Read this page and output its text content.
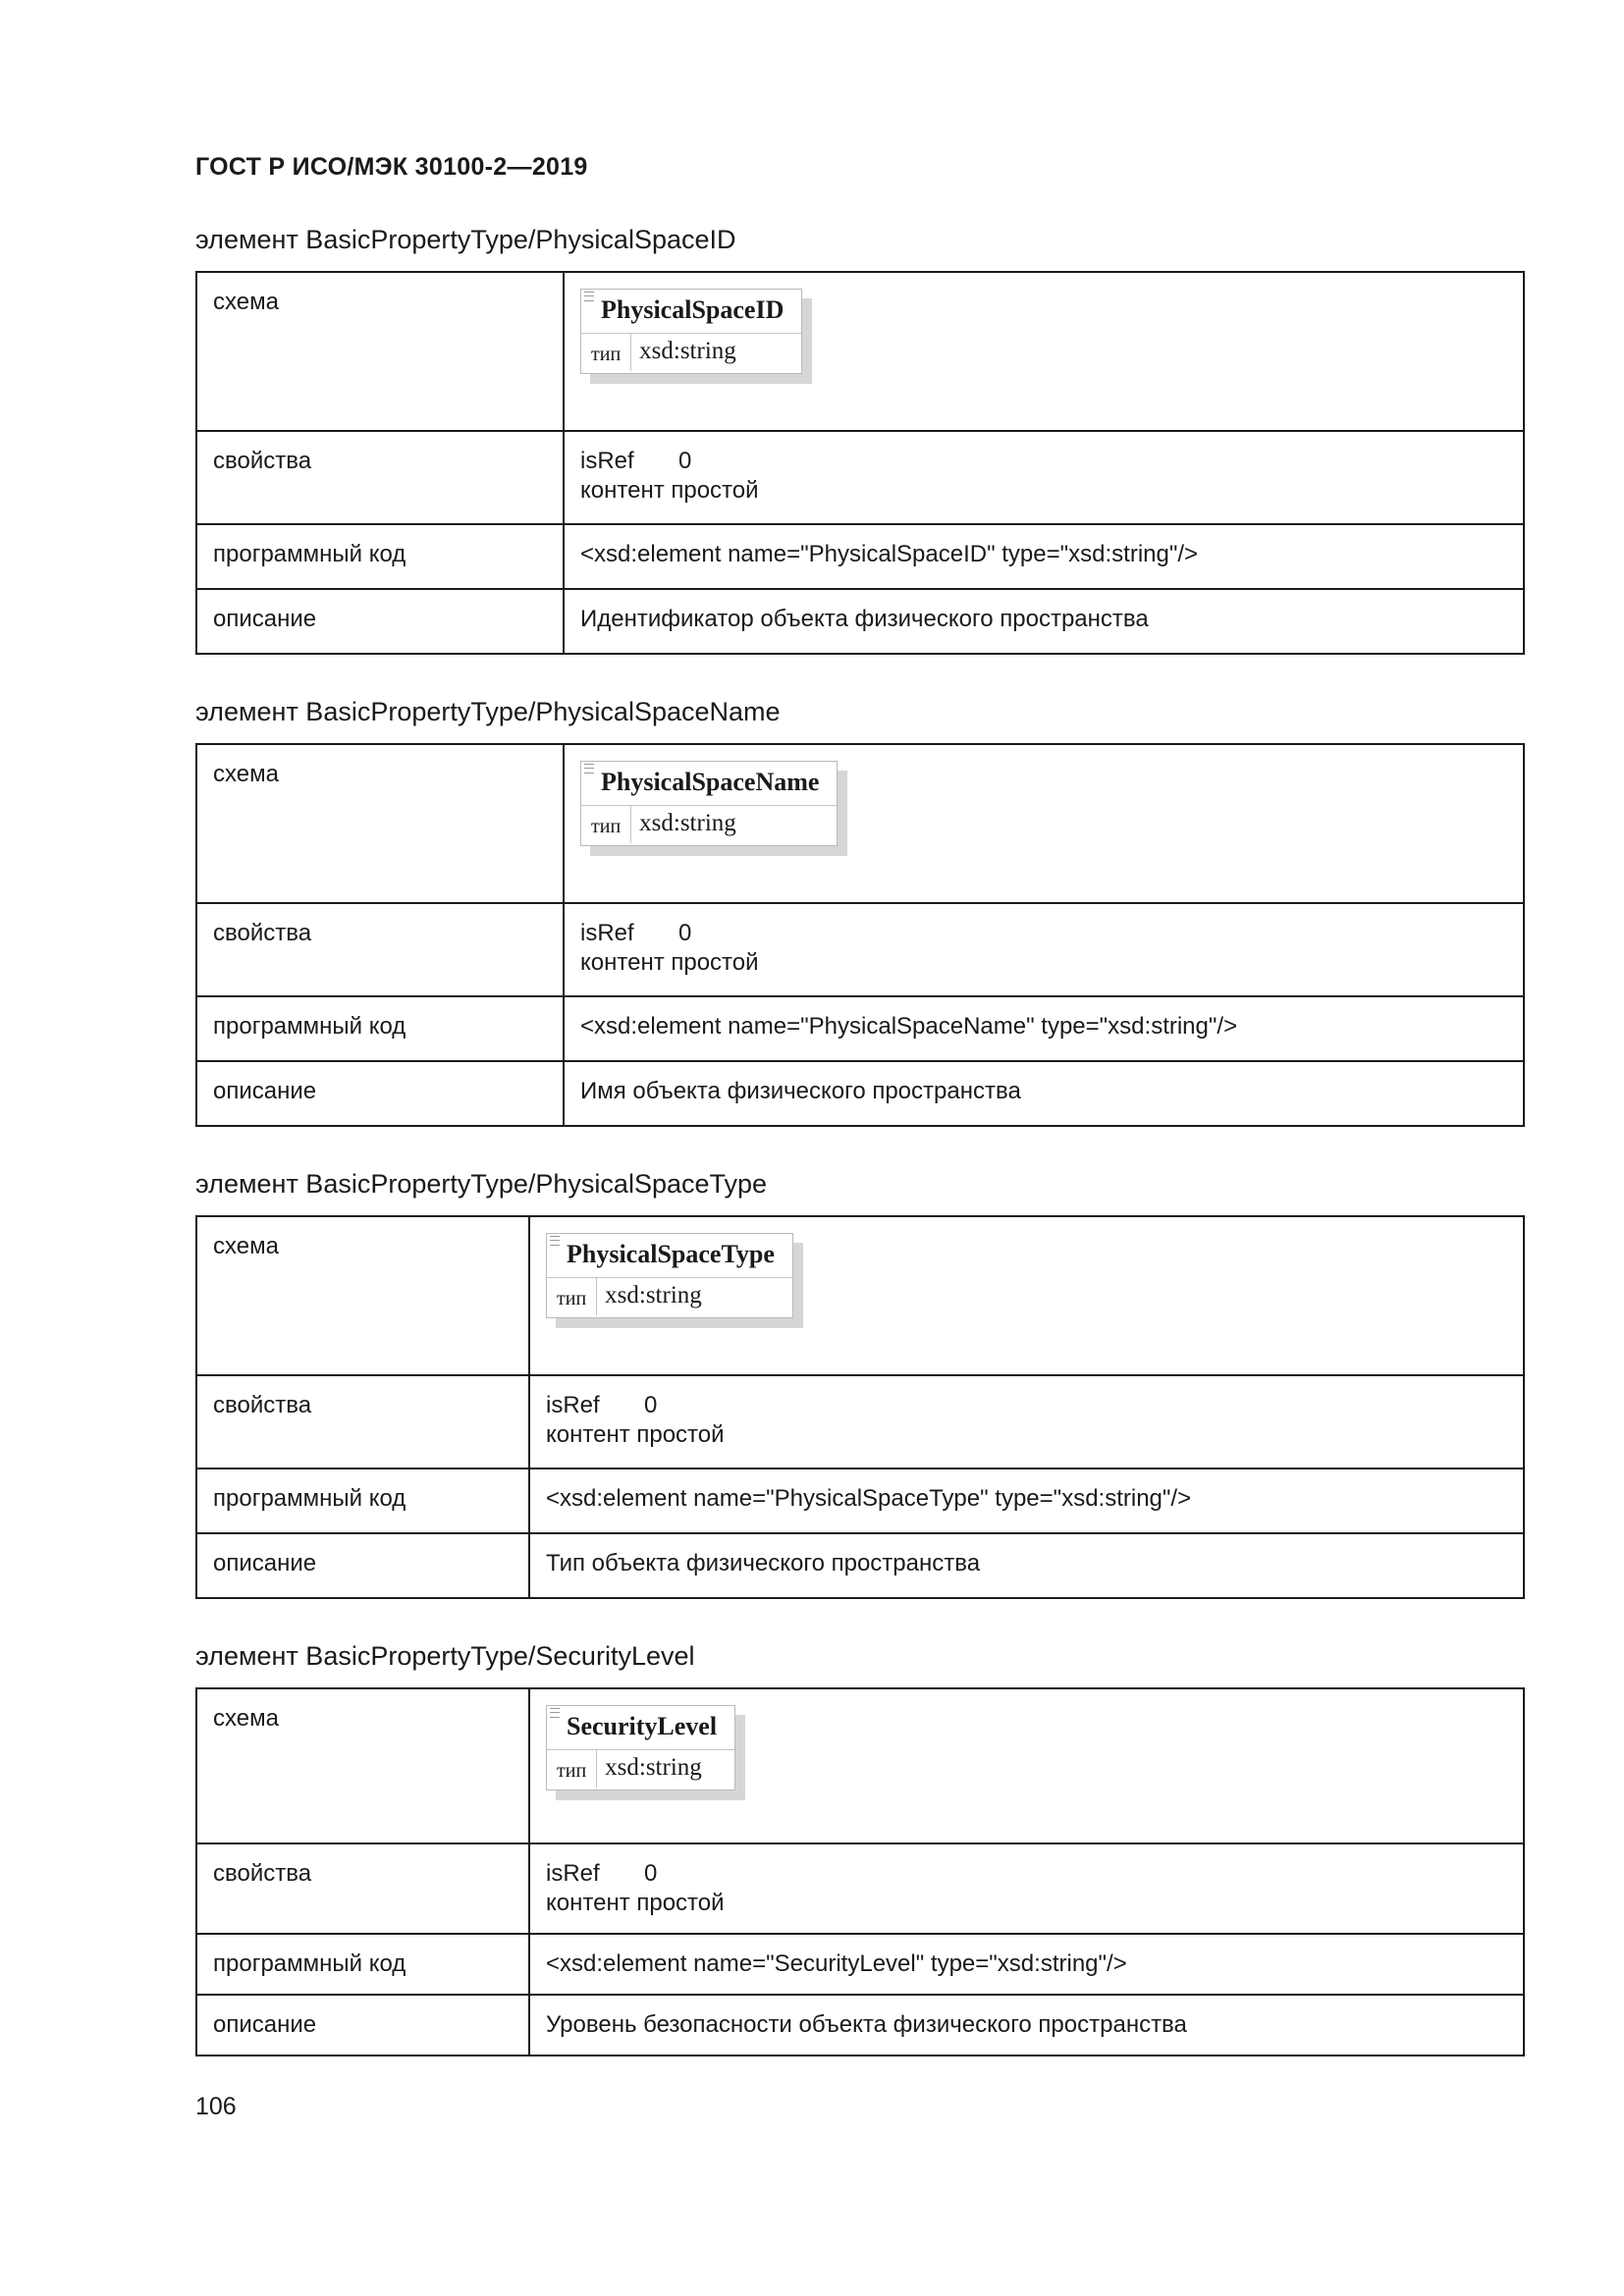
ГОСТ Р ИСО/МЭК 30100-2—2019
элемент BasicPropertyType/PhysicalSpaceID
схема	PhysicalSpaceID
тип xsd:string

свойства	isRef 0
контент простой

программный код	<xsd:element name="PhysicalSpaceID" type="xsd:string"/>
описание	Идентификатор объекта физического пространства
элемент BasicPropertyType/PhysicalSpaceName
схема	PhysicalSpaceName
тип xsd:string

свойства	isRef 0
контент простой

программный код	<xsd:element name="PhysicalSpaceName" type="xsd:string"/>
описание	Имя объекта физического пространства
элемент BasicPropertyType/PhysicalSpaceType
схема	PhysicalSpaceType
тип xsd:string

свойства	isRef 0
контент простой

программный код	<xsd:element name="PhysicalSpaceType" type="xsd:string"/>
описание	Тип объекта физического пространства
элемент BasicPropertyType/SecurityLevel
схема	SecurityLevel
тип xsd:string

свойства	isRef 0
контент простой

программный код	<xsd:element name="SecurityLevel" type="xsd:string"/>
описание	Уровень безопасности объекта физического пространства

106
